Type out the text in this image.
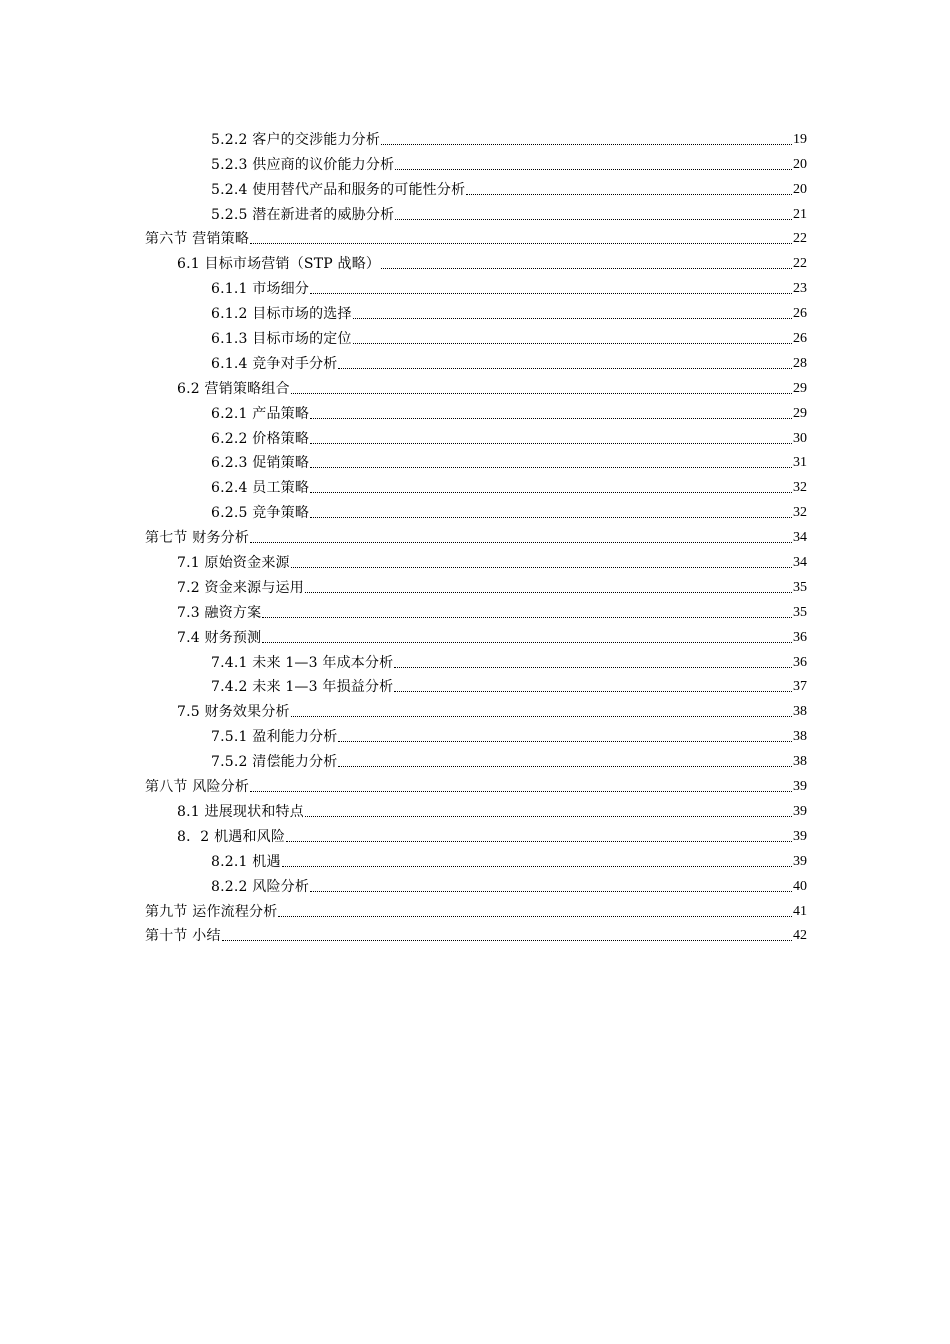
5.2.2 客户的交涉能力分析	19
5.2.3 供应商的议价能力分析	20
5.2.4 使用替代产品和服务的可能性分析	20
5.2.5 潜在新进者的威胁分析	21
第六节 营销策略	22
6.1 目标市场营销（STP 战略）	22
6.1.1 市场细分	23
6.1.2 目标市场的选择	26
6.1.3 目标市场的定位	26
6.1.4 竞争对手分析	28
6.2 营销策略组合	29
6.2.1 产品策略	29
6.2.2 价格策略	30
6.2.3 促销策略	31
6.2.4 员工策略	32
6.2.5 竞争策略	32
第七节 财务分析	34
7.1 原始资金来源	34
7.2 资金来源与运用	35
7.3 融资方案	35
7.4 财务预测	36
7.4.1 未来 1—3 年成本分析	36
7.4.2 未来 1—3 年损益分析	37
7.5 财务效果分析	38
7.5.1 盈利能力分析	38
7.5.2 清偿能力分析	38
第八节 风险分析	39
8.1 进展现状和特点	39
8．2 机遇和风险	39
8.2.1 机遇	39
8.2.2 风险分析	40
第九节 运作流程分析	41
第十节 小结	42
